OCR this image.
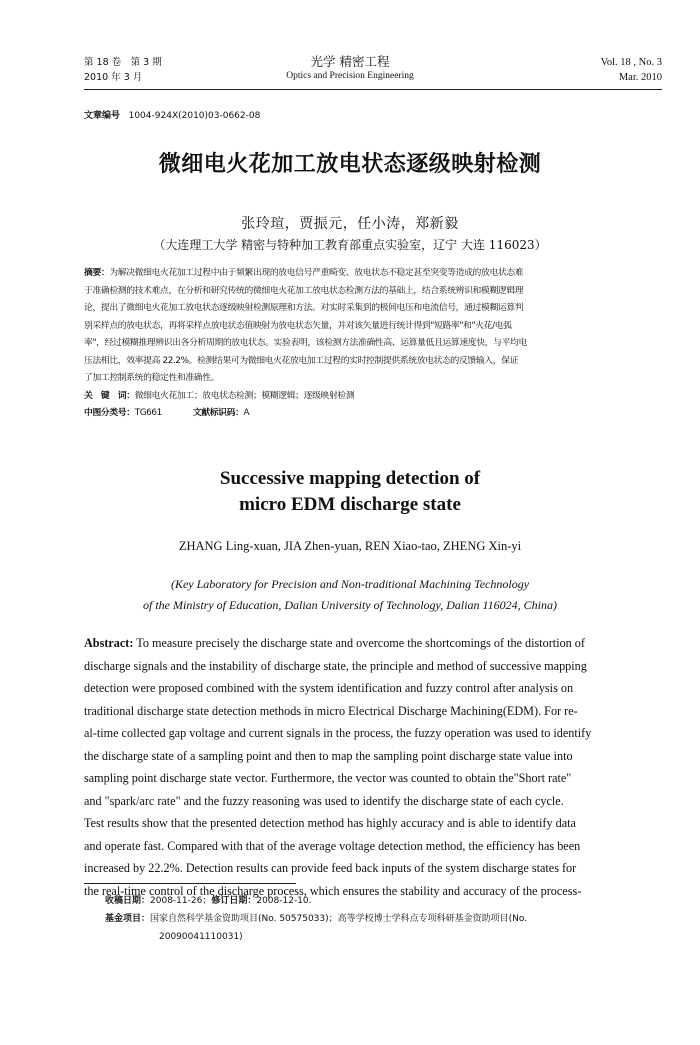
第 18 卷　第 3 期
2010 年 3 月
光学 精密工程
Optics and Precision Engineering
Vol. 18 , No. 3
Mar. 2010
文章编号 1004-924X(2010)03-0662-08
微细电火花加工放电状态逐级映射检测
张玲瑄，贾振元，任小涛，郑新毅
（大连理工大学 精密与特种加工教育部重点实验室，辽宁 大连 116023）
摘要：为解决微细电火花加工过程中由于频繁出现的放电信号严重畸变、放电状态不稳定甚至突变等造成的放电状态难
于准确检测的技术难点，在分析和研究传统的微细电火花加工放电状态检测方法的基础上，结合系统辨识和模糊逻辑理
论，提出了微细电火花加工放电状态逐级映射检测原理和方法。对实时采集到的极间电压和电流信号，通过模糊运算判
别采样点的放电状态，再将采样点放电状态值映射为放电状态矢量，并对该矢量进行统计得到"短路率"和"火花/电弧
率"，经过模糊推理辨识出各分析周期的放电状态。实验表明，该检测方法准确性高、运算量低且运算速度快，与平均电
压法相比，效率提高 22.2%。检测结果可为微细电火花放电加工过程的实时控制提供系统放电状态的反馈输入，保证
了加工控制系统的稳定性和准确性。
关　键　词：微细电火花加工；放电状态检测；模糊逻辑；逐级映射检测
中图分类号：TG661	文献标识码：A
Successive mapping detection of
micro EDM discharge state
ZHANG Ling-xuan, JIA Zhen-yuan, REN Xiao-tao, ZHENG Xin-yi
(Key Laboratory for Precision and Non-traditional Machining Technology
of the Ministry of Education, Dalian University of Technology, Dalian 116024, China)
Abstract: To measure precisely the discharge state and overcome the shortcomings of the distortion of
discharge signals and the instability of discharge state, the principle and method of successive mapping
detection were proposed combined with the system identification and fuzzy control after analysis on
traditional discharge state detection methods in micro Electrical Discharge Machining(EDM). For re-
al-time collected gap voltage and current signals in the process, the fuzzy operation was used to identify
the discharge state of a sampling point and then to map the sampling point discharge state value into
sampling point discharge state vector. Furthermore, the vector was counted to obtain the"Short rate"
and "spark/arc rate" and the fuzzy reasoning was used to identify the discharge state of each cycle.
Test results show that the presented detection method has highly accuracy and is able to identify data
and operate fast. Compared with that of the average voltage detection method, the efficiency has been
increased by 22.2%. Detection results can provide feed back inputs of the system discharge states for
the real-time control of the discharge process, which ensures the stability and accuracy of the process-
收稿日期：2008-11-26；修订日期：2008-12-10.
基金项目：国家自然科学基金资助项目(No. 50575033)；高等学校博士学科点专项科研基金资助项目(No.
20090041110031)
